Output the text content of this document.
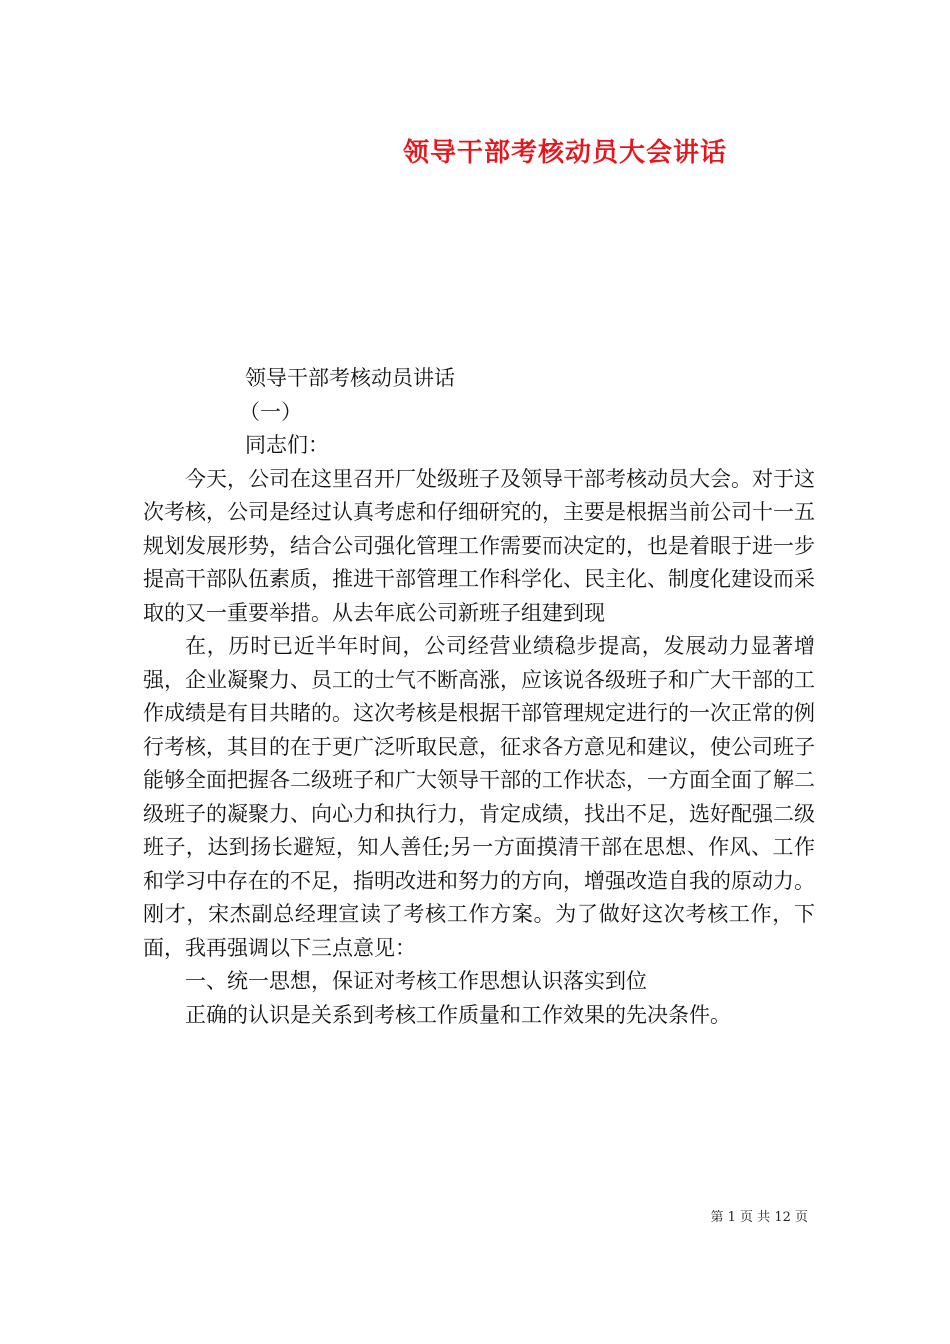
领导干部考核动员大会讲话

领导干部考核动员讲话

（一）

同志们：

今天，公司在这里召开厂处级班子及领导干部考核动员大会。对于这次考核，公司是经过认真考虑和仔细研究的，主要是根据当前公司十一五规划发展形势，结合公司强化管理工作需要而决定的，也是着眼于进一步提高干部队伍素质，推进干部管理工作科学化、民主化、制度化建设而采取的又一重要举措。从去年底公司新班子组建到现

在，历时已近半年时间，公司经营业绩稳步提高，发展动力显著增强，企业凝聚力、员工的士气不断高涨，应该说各级班子和广大干部的工作成绩是有目共睹的。这次考核是根据干部管理规定进行的一次正常的例行考核，其目的在于更广泛听取民意，征求各方意见和建议，使公司班子能够全面把握各二级班子和广大领导干部的工作状态，一方面全面了解二级班子的凝聚力、向心力和执行力，肯定成绩，找出不足，选好配强二级班子，达到扬长避短，知人善任;另一方面摸清干部在思想、作风、工作和学习中存在的不足，指明改进和努力的方向，增强改造自我的原动力。刚才，宋杰副总经理宣读了考核工作方案。为了做好这次考核工作，下面，我再强调以下三点意见：

一、统一思想，保证对考核工作思想认识落实到位

正确的认识是关系到考核工作质量和工作效果的先决条件。

第 1 页 共 12 页
